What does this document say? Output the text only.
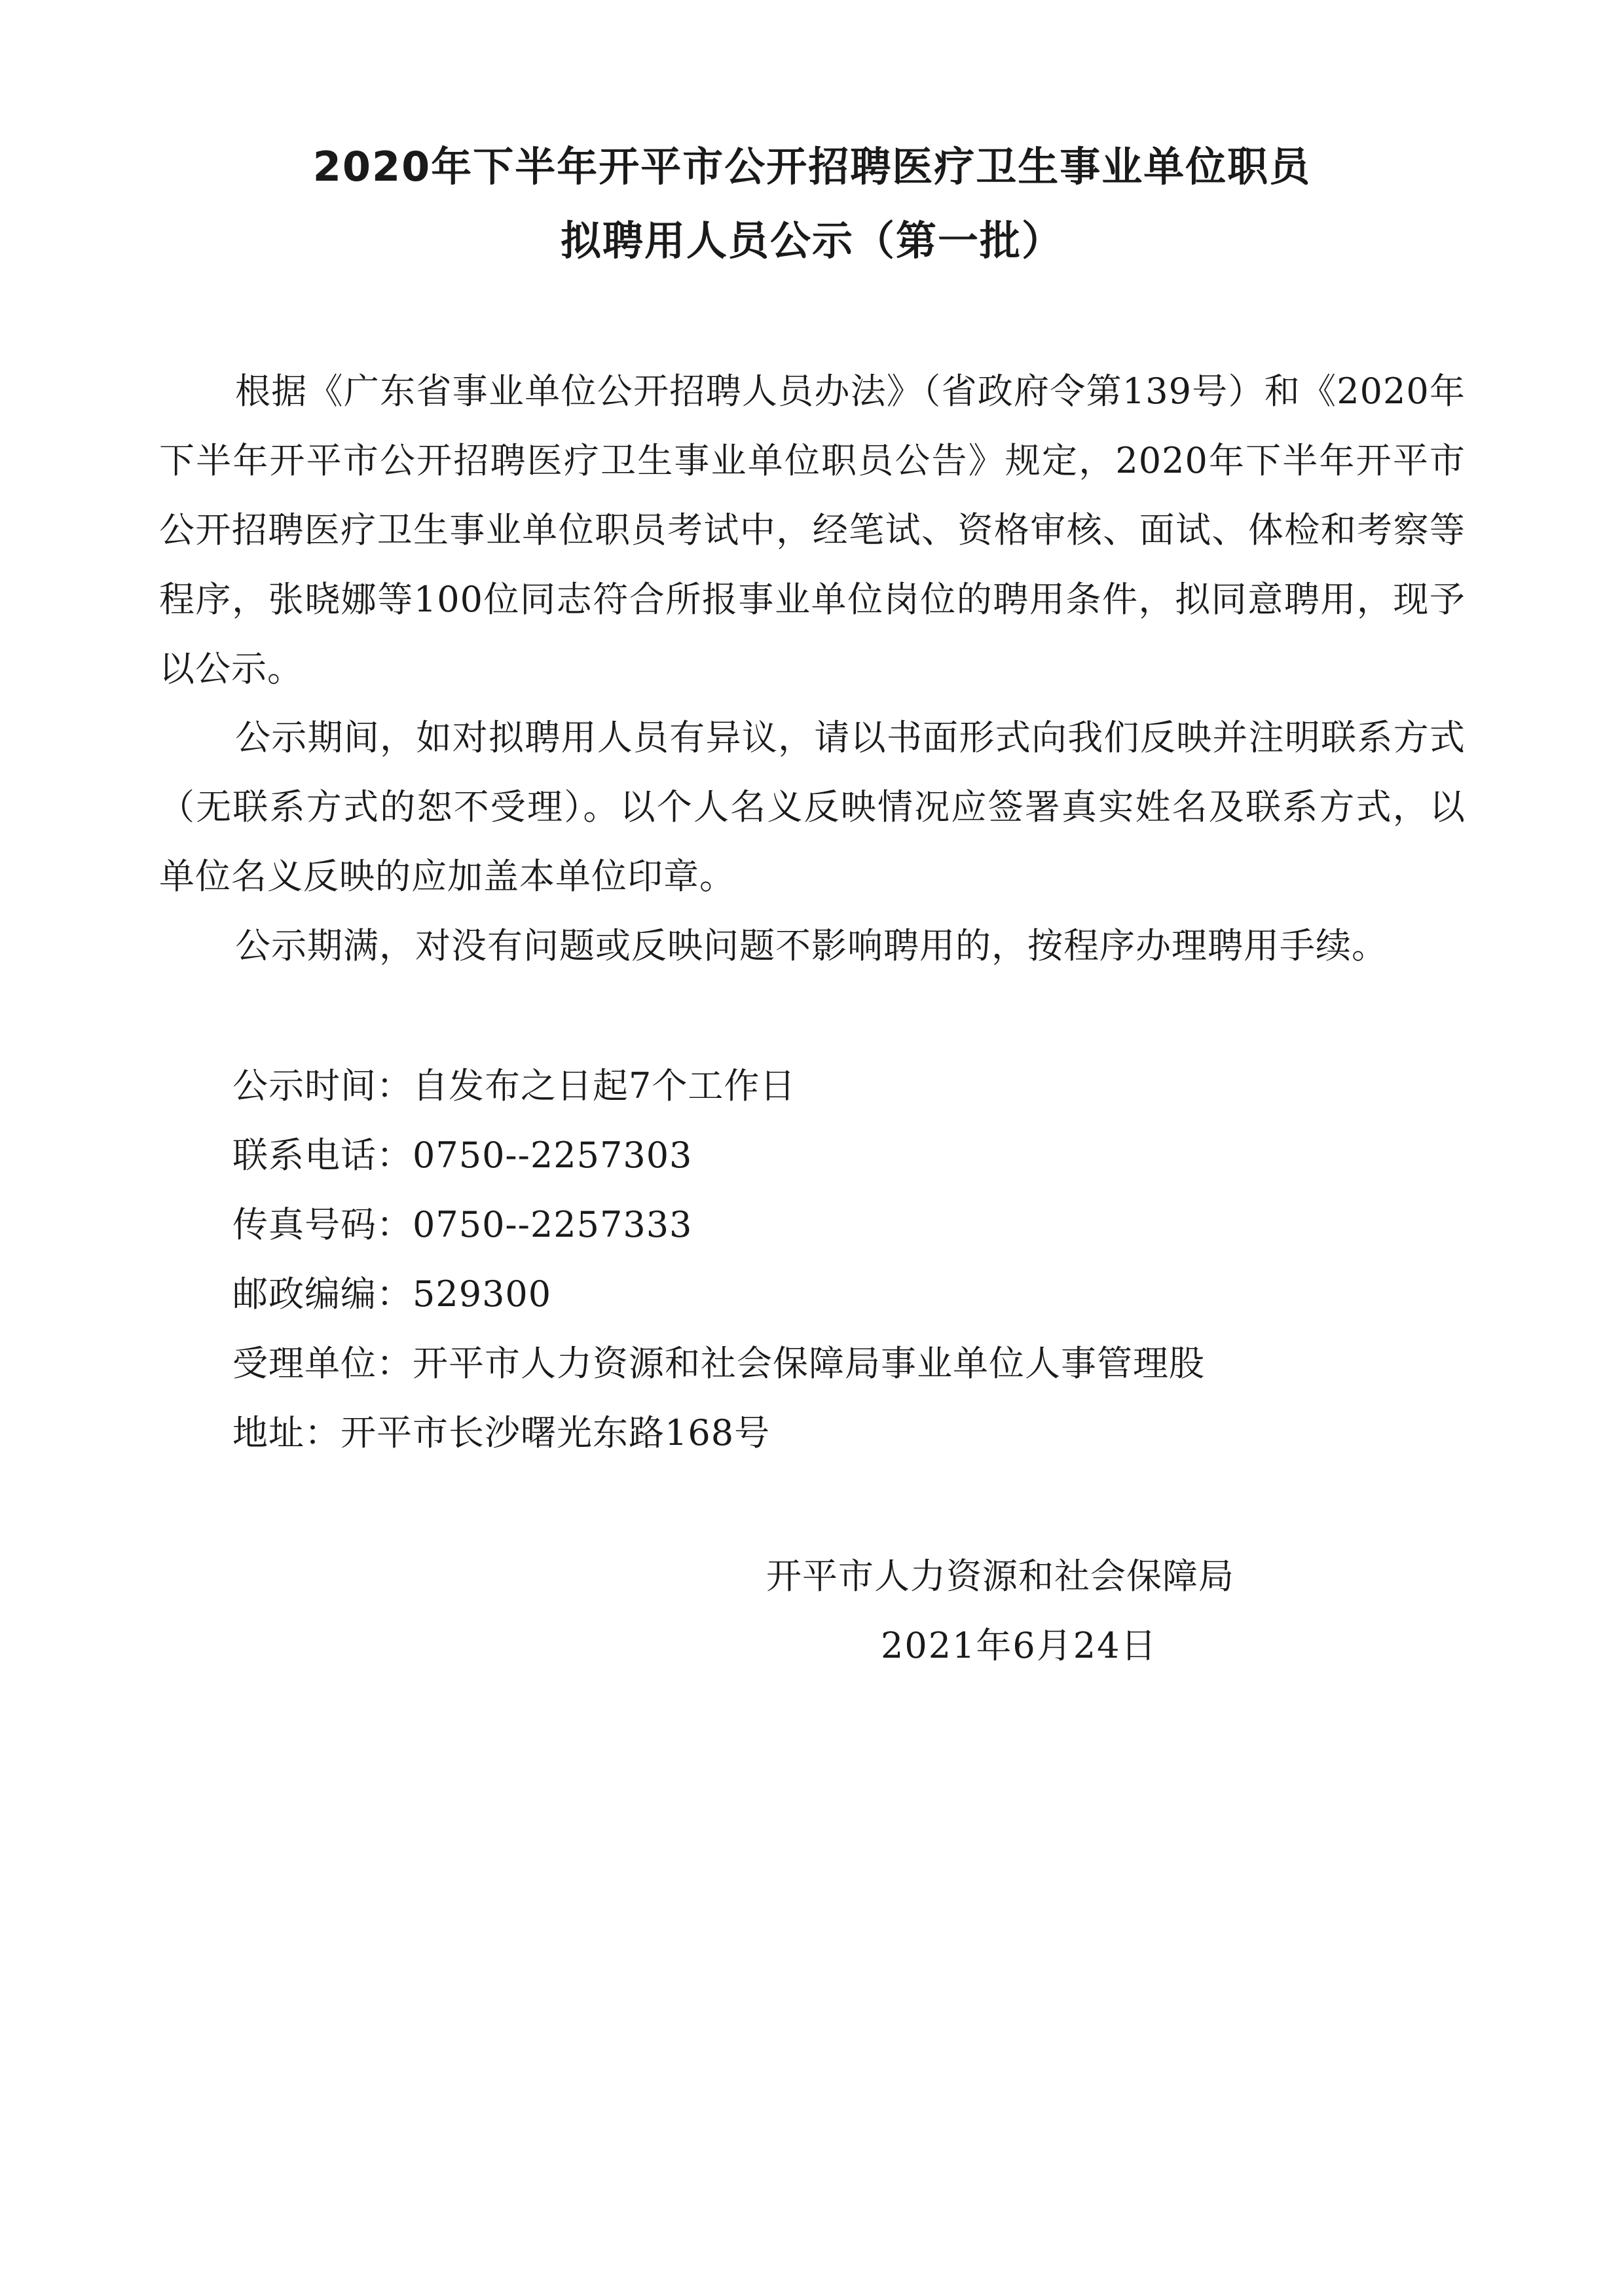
2020年下半年开平市公开招聘医疗卫生事业单位职员
拟聘用人员公示（第一批）

根据《广东省事业单位公开招聘人员办法》（省政府令第139号）和《2020年下半年开平市公开招聘医疗卫生事业单位职员公告》规定，2020年下半年开平市公开招聘医疗卫生事业单位职员考试中，经笔试、资格审核、面试、体检和考察等程序，张晓娜等100位同志符合所报事业单位岗位的聘用条件，拟同意聘用，现予以公示。

公示期间，如对拟聘用人员有异议，请以书面形式向我们反映并注明联系方式（无联系方式的恕不受理）。以个人名义反映情况应签署真实姓名及联系方式，以单位名义反映的应加盖本单位印章。

公示期满，对没有问题或反映问题不影响聘用的，按程序办理聘用手续。

公示时间：自发布之日起7个工作日
联系电话：0750--2257303
传真号码：0750--2257333
邮政编编：529300
受理单位：开平市人力资源和社会保障局事业单位人事管理股
地址：开平市长沙曙光东路168号
开平市人力资源和社会保障局
2021年6月24日
